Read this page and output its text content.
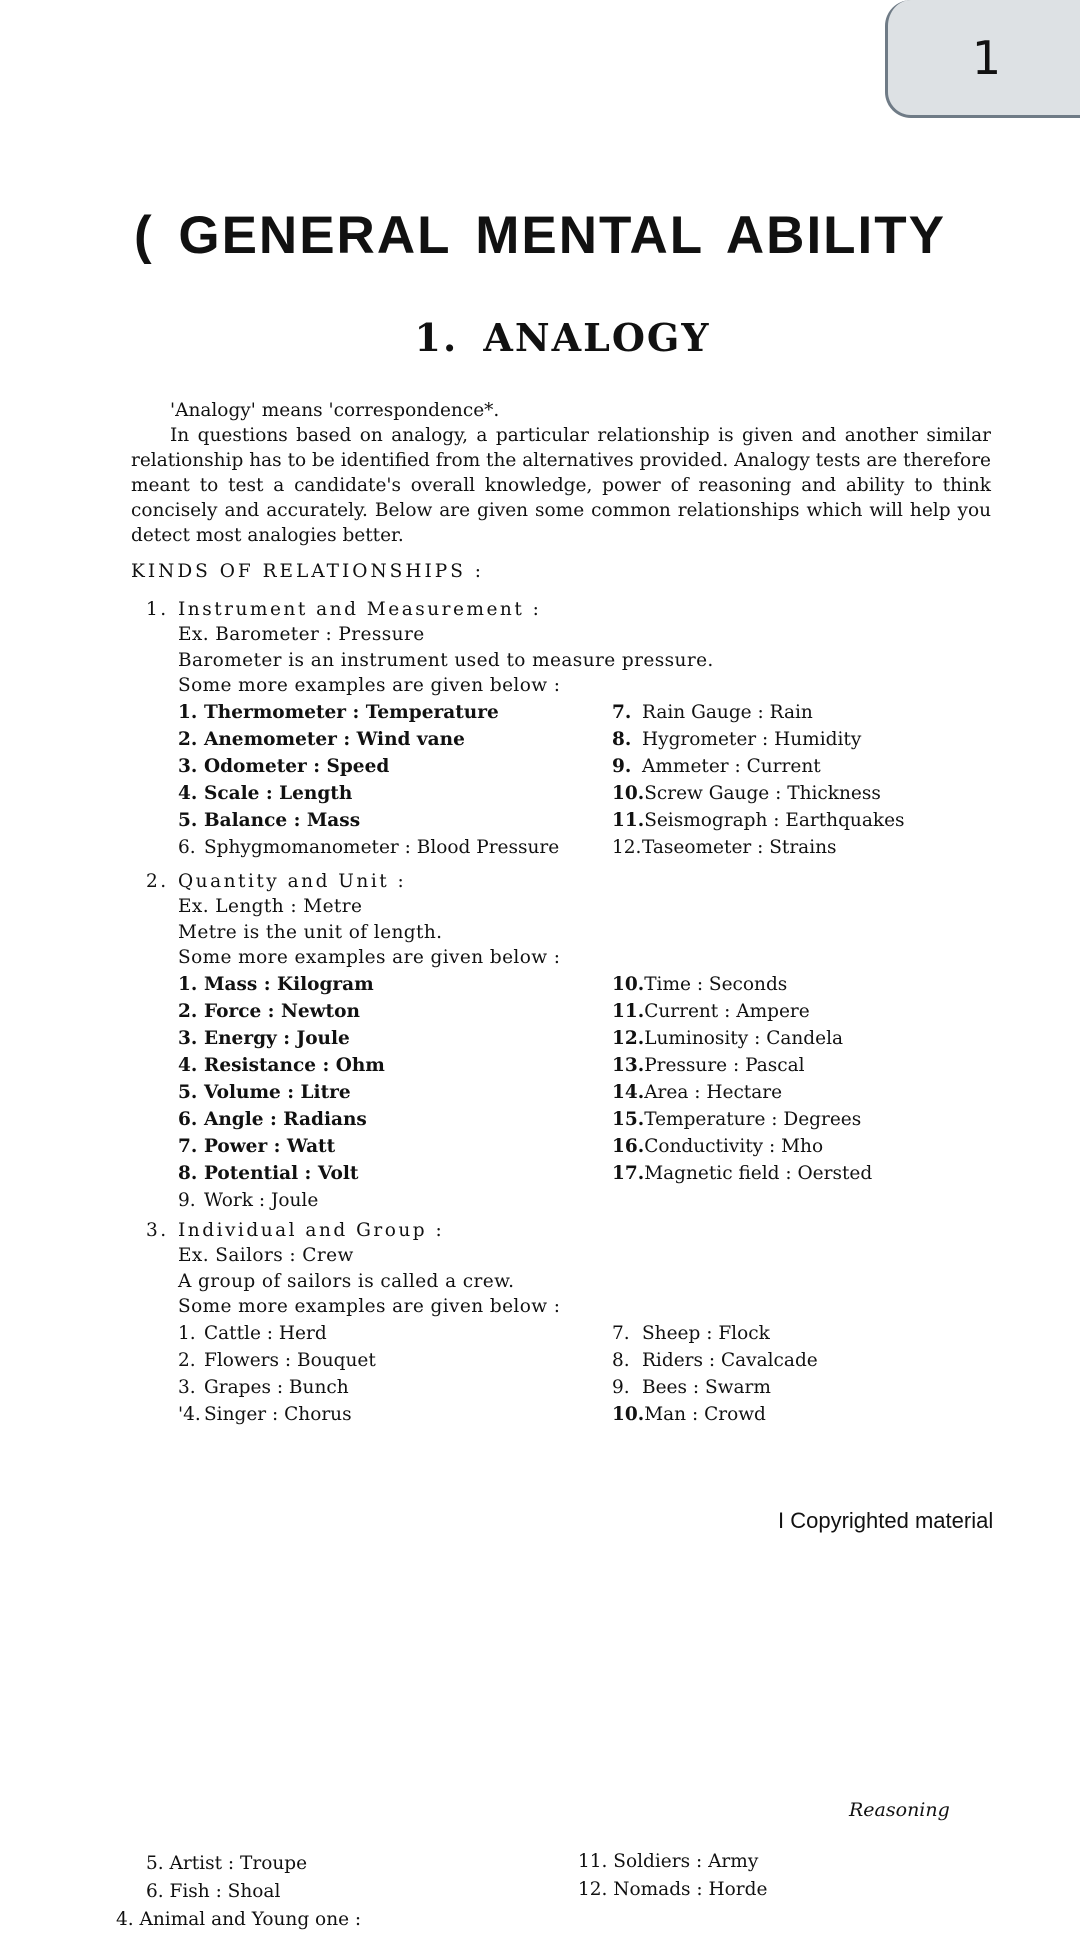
1
( GENERAL MENTAL ABILITY
1. ANALOGY

'Analogy' means 'correspondence*.

In questions based on analogy, a particular relationship is given and another similar relationship has to be identified from the alternatives provided. Analogy tests are therefore meant to test a candidate's overall knowledge, power of reasoning and ability to think concisely and accurately. Below are given some common relationships which will help you detect most analogies better.

KINDS OF RELATIONSHIPS :

1. Instrument and Measurement :
Ex. Barometer : Pressure
Barometer is an instrument used to measure pressure.
Some more examples are given below :
1. Thermometer : Temperature
2. Anemometer : Wind vane
3. Odometer : Speed
4. Scale : Length
5. Balance : Mass
6. Sphygmomanometer : Blood Pressure
7. Rain Gauge : Rain
8. Hygrometer : Humidity
9. Ammeter : Current
10.Screw Gauge : Thickness
11.Seismograph : Earthquakes
12.Taseometer : Strains
2. Quantity and Unit :
Ex. Length : Metre
Metre is the unit of length.
Some more examples are given below :
1. Mass : Kilogram
2. Force : Newton
3. Energy : Joule
4. Resistance : Ohm
5. Volume : Litre
6. Angle : Radians
7. Power : Watt
8. Potential : Volt
9. Work : Joule
10.Time : Seconds
11.Current : Ampere
12.Luminosity : Candela
13.Pressure : Pascal
14.Area : Hectare
15.Temperature : Degrees
16.Conductivity : Mho
17.Magnetic field : Oersted
3. Individual and Group :
Ex. Sailors : Crew
A group of sailors is called a crew.
Some more examples are given below :
1. Cattle : Herd
2. Flowers : Bouquet
3. Grapes : Bunch
'4. Singer : Chorus
7. Sheep : Flock
8. Riders : Cavalcade
9. Bees : Swarm
10.Man : Crowd

I Copyrighted material

Reasoning

5. Artist : Troupe
6. Fish : Shoal
4. Animal and Young one :
11. Soldiers : Army
12. Nomads : Horde
